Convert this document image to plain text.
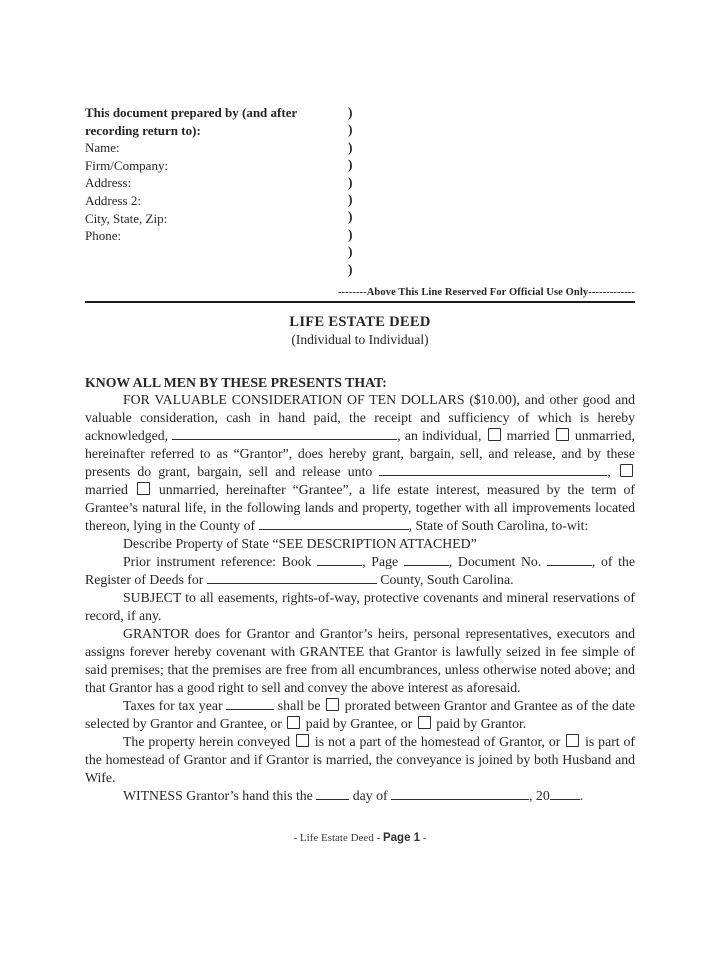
This document prepared by (and after recording return to):
Name:
Firm/Company:
Address:
Address 2:
City, State, Zip:
Phone:
)
)
)
)
)
)
)
)
)
)
--------Above This Line Reserved For Official Use Only-------------
LIFE ESTATE DEED
(Individual to Individual)
KNOW ALL MEN BY THESE PRESENTS THAT:

FOR VALUABLE CONSIDERATION OF TEN DOLLARS ($10.00), and other good and valuable consideration, cash in hand paid, the receipt and sufficiency of which is hereby acknowledged,	, an individual,  married  unmarried, hereinafter referred to as “Grantor”, does hereby grant, bargain, sell, and release, and by these presents do grant, bargain, sell and release unto	,  married  unmarried, hereinafter “Grantee”, a life estate interest, measured by the term of Grantee’s natural life, in the following lands and property, together with all improvements located thereon, lying in the County of	, State of South Carolina, to-wit:

Describe Property of State “SEE DESCRIPTION ATTACHED”

Prior instrument reference: Book	, Page	, Document No.	, of the Register of Deeds for	County, South Carolina.

SUBJECT to all easements, rights-of-way, protective covenants and mineral reservations of record, if any.

GRANTOR does for Grantor and Grantor’s heirs, personal representatives, executors and assigns forever hereby covenant with GRANTEE that Grantor is lawfully seized in fee simple of said premises; that the premises are free from all encumbrances, unless otherwise noted above; and that Grantor has a good right to sell and convey the above interest as aforesaid.

Taxes for tax year	shall be  prorated between Grantor and Grantee as of the date selected by Grantor and Grantee, or  paid by Grantee, or  paid by Grantor.

The property herein conveyed  is not a part of the homestead of Grantor, or  is part of the homestead of Grantor and if Grantor is married, the conveyance is joined by both Husband and Wife.

WITNESS Grantor’s hand this the  day of	, 20 .

- Life Estate Deed - Page 1 -
